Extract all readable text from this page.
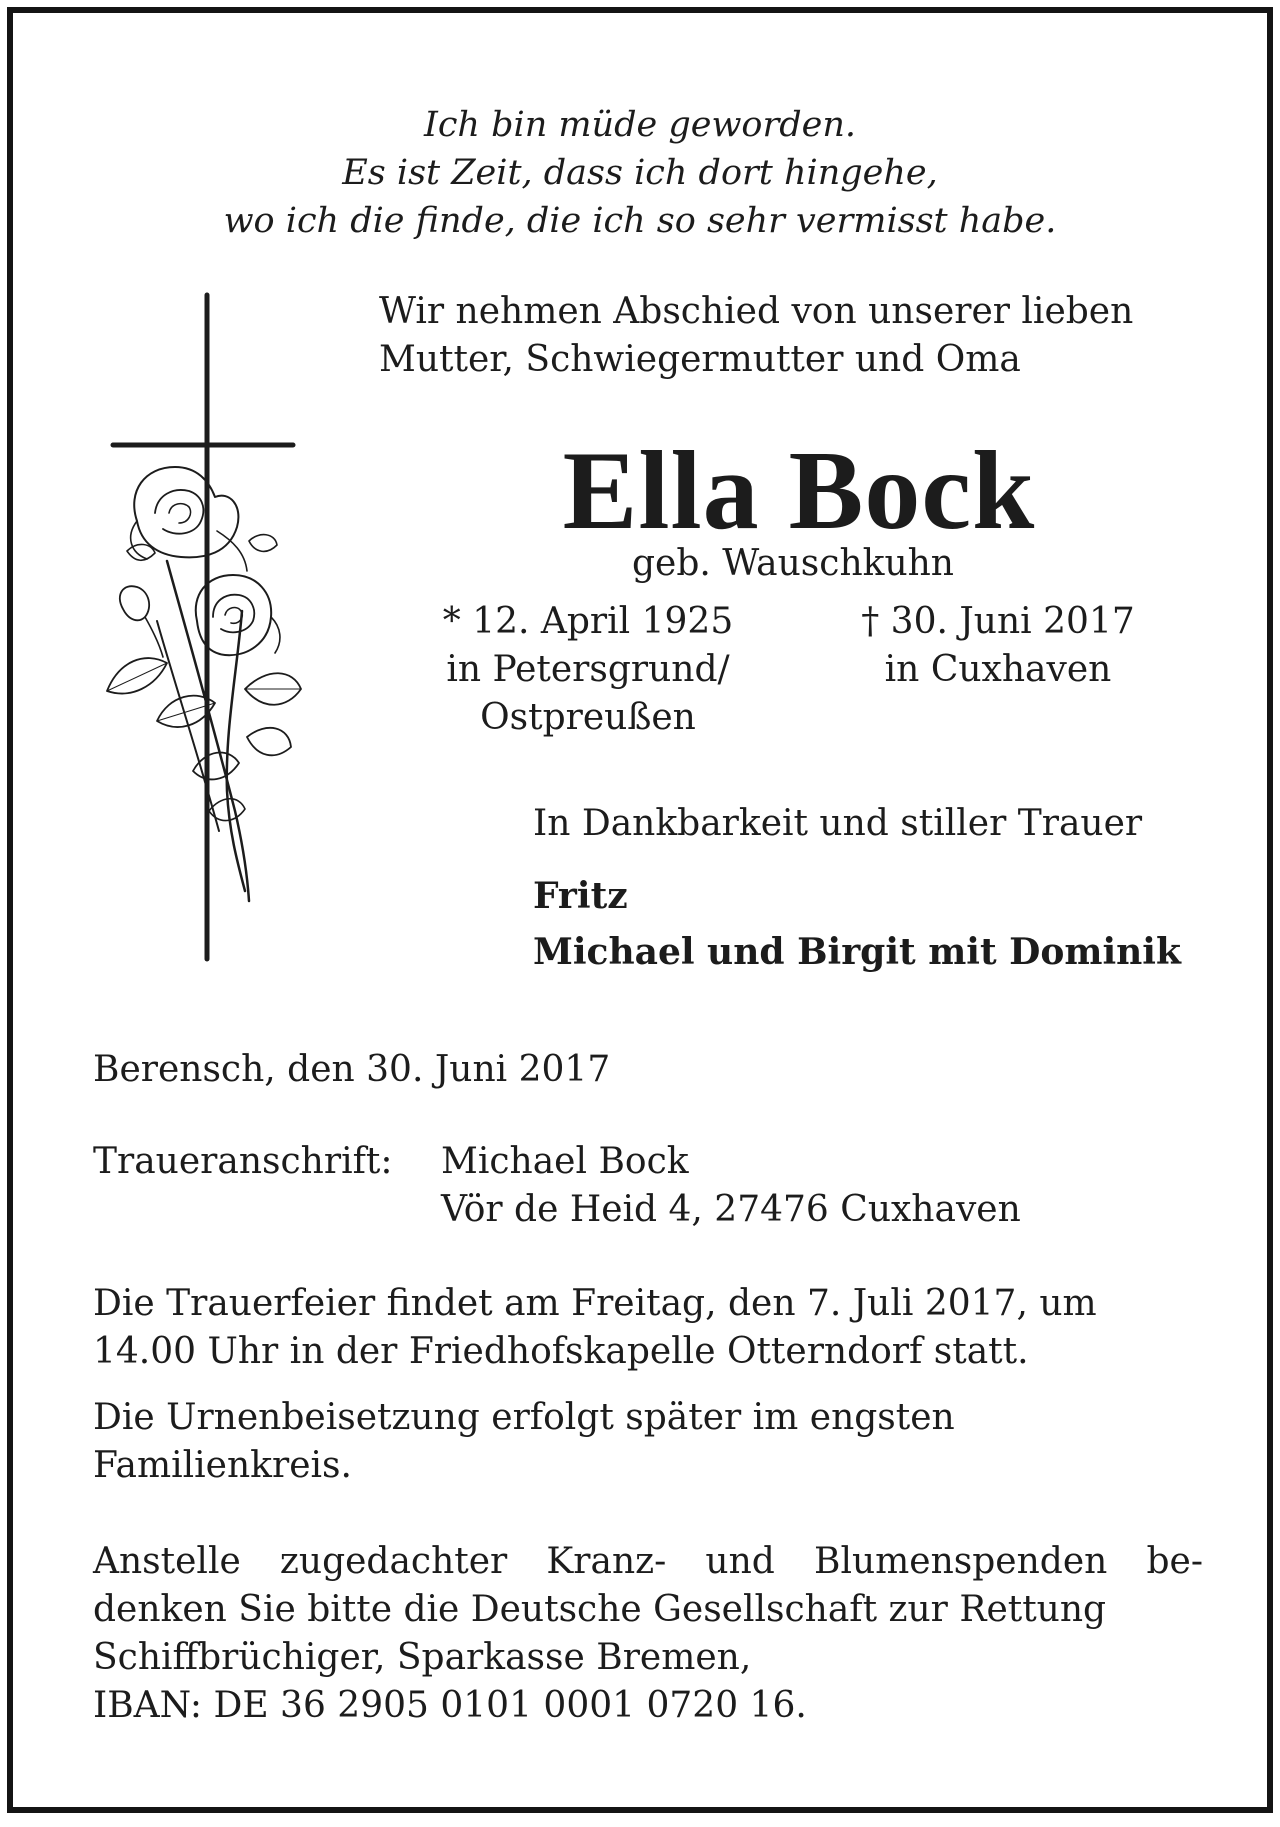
Ich bin müde geworden.
Es ist Zeit, dass ich dort hingehe,
wo ich die finde, die ich so sehr vermisst habe.
Wir nehmen Abschied von unserer lieben
Mutter, Schwiegermutter und Oma
Ella Bock
geb. Wauschkuhn
* 12. April 1925
in Petersgrund/
Ostpreußen
† 30. Juni 2017
in Cuxhaven
In Dankbarkeit und stiller Trauer
Fritz
Michael und Birgit mit Dominik
Berensch, den 30. Juni 2017
Traueranschrift: Michael Bock
Vör de Heid 4, 27476 Cuxhaven
Die Trauerfeier findet am Freitag, den 7. Juli 2017, um
14.00 Uhr in der Friedhofskapelle Otterndorf statt.
Die Urnenbeisetzung erfolgt später im engsten
Familienkreis.
Anstelle zugedachter Kranz- und Blumenspenden be-
denken Sie bitte die Deutsche Gesellschaft zur Rettung
Schiffbrüchiger, Sparkasse Bremen,
IBAN: DE 36 2905 0101 0001 0720 16.
